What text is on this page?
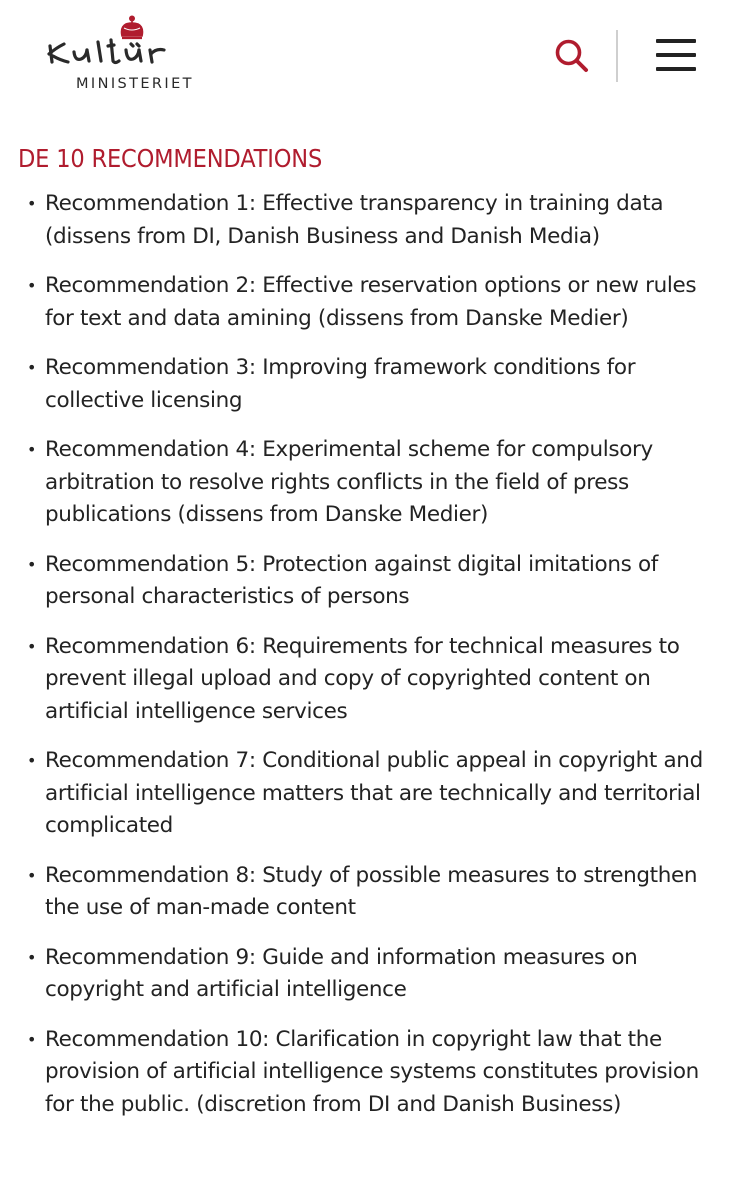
MINISTERIET
DE 10 RECOMMENDATIONS
• Recommendation 1: Effective transparency in training data (dissens from DI, Danish Business and Danish Media)
• Recommendation 2: Effective reservation options or new rules for text and data amining (dissens from Danske Medier)
• Recommendation 3: Improving framework conditions for collective licensing
• Recommendation 4: Experimental scheme for compulsory arbitration to resolve rights conflicts in the field of press publications (dissens from Danske Medier)
• Recommendation 5: Protection against digital imitations of personal characteristics of persons
• Recommendation 6: Requirements for technical measures to prevent illegal upload and copy of copyrighted content on artificial intelligence services
• Recommendation 7: Conditional public appeal in copyright and artificial intelligence matters that are technically and territorial complicated
• Recommendation 8: Study of possible measures to strengthen the use of man-made content
• Recommendation 9: Guide and information measures on copyright and artificial intelligence
• Recommendation 10: Clarification in copyright law that the provision of artificial intelligence systems constitutes provision for the public. (discretion from DI and Danish Business)
